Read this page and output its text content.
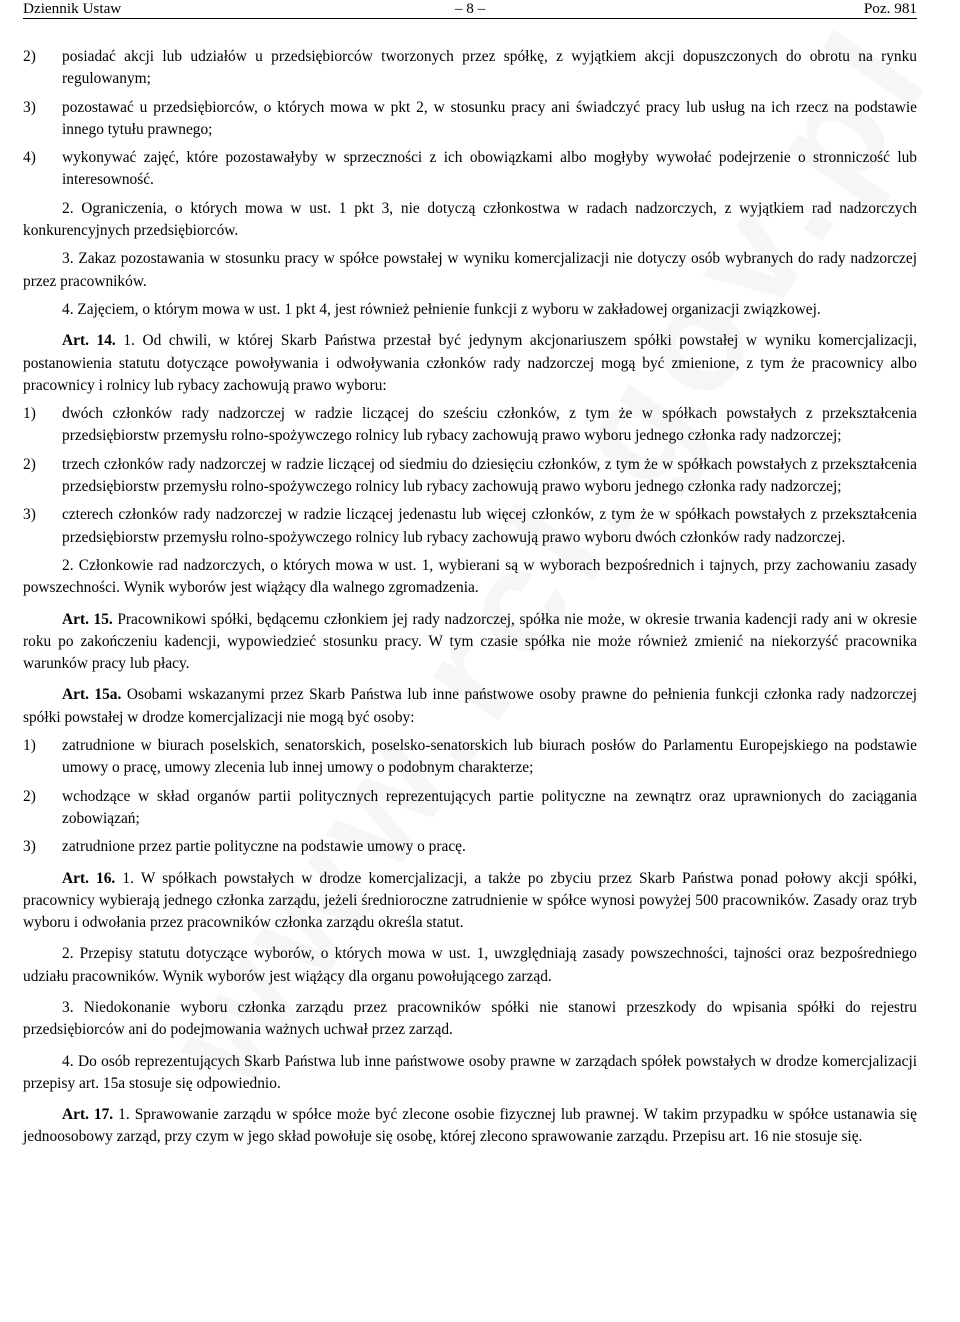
Dziennik Ustaw	– 8 –	Poz. 981
2)	posiadać akcji lub udziałów u przedsiębiorców tworzonych przez spółkę, z wyjątkiem akcji dopuszczonych do obrotu na rynku regulowanym;
3)	pozostawać u przedsiębiorców, o których mowa w pkt 2, w stosunku pracy ani świadczyć pracy lub usług na ich rzecz na podstawie innego tytułu prawnego;
4)	wykonywać zajęć, które pozostawałyby w sprzeczności z ich obowiązkami albo mogłyby wywołać podejrzenie o stronniczość lub interesowność.

2. Ograniczenia, o których mowa w ust. 1 pkt 3, nie dotyczą członkostwa w radach nadzorczych, z wyjątkiem rad nadzorczych konkurencyjnych przedsiębiorców.

3. Zakaz pozostawania w stosunku pracy w spółce powstałej w wyniku komercjalizacji nie dotyczy osób wybranych do rady nadzorczej przez pracowników.

4. Zajęciem, o którym mowa w ust. 1 pkt 4, jest również pełnienie funkcji z wyboru w zakładowej organizacji związkowej.

Art. 14. 1. Od chwili, w której Skarb Państwa przestał być jedynym akcjonariuszem spółki powstałej w wyniku komercjalizacji, postanowienia statutu dotyczące powoływania i odwoływania członków rady nadzorczej mogą być zmienione, z tym że pracownicy albo pracownicy i rolnicy lub rybacy zachowują prawo wyboru:

1)	dwóch członków rady nadzorczej w radzie liczącej do sześciu członków, z tym że w spółkach powstałych z przekształcenia przedsiębiorstw przemysłu rolno-spożywczego rolnicy lub rybacy zachowują prawo wyboru jednego członka rady nadzorczej;
2)	trzech członków rady nadzorczej w radzie liczącej od siedmiu do dziesięciu członków, z tym że w spółkach powstałych z przekształcenia przedsiębiorstw przemysłu rolno-spożywczego rolnicy lub rybacy zachowują prawo wyboru jednego członka rady nadzorczej;
3)	czterech członków rady nadzorczej w radzie liczącej jedenastu lub więcej członków, z tym że w spółkach powstałych z przekształcenia przedsiębiorstw przemysłu rolno-spożywczego rolnicy lub rybacy zachowują prawo wyboru dwóch członków rady nadzorczej.

2. Członkowie rad nadzorczych, o których mowa w ust. 1, wybierani są w wyborach bezpośrednich i tajnych, przy zachowaniu zasady powszechności. Wynik wyborów jest wiążący dla walnego zgromadzenia.

Art. 15. Pracownikowi spółki, będącemu członkiem jej rady nadzorczej, spółka nie może, w okresie trwania kadencji rady ani w okresie roku po zakończeniu kadencji, wypowiedzieć stosunku pracy. W tym czasie spółka nie może również zmienić na niekorzyść pracownika warunków pracy lub płacy.

Art. 15a. Osobami wskazanymi przez Skarb Państwa lub inne państwowe osoby prawne do pełnienia funkcji członka rady nadzorczej spółki powstałej w drodze komercjalizacji nie mogą być osoby:

1)	zatrudnione w biurach poselskich, senatorskich, poselsko-senatorskich lub biurach posłów do Parlamentu Europejskiego na podstawie umowy o pracę, umowy zlecenia lub innej umowy o podobnym charakterze;
2)	wchodzące w skład organów partii politycznych reprezentujących partie polityczne na zewnątrz oraz uprawnionych do zaciągania zobowiązań;
3)	zatrudnione przez partie polityczne na podstawie umowy o pracę.

Art. 16. 1. W spółkach powstałych w drodze komercjalizacji, a także po zbyciu przez Skarb Państwa ponad połowy akcji spółki, pracownicy wybierają jednego członka zarządu, jeżeli średnioroczne zatrudnienie w spółce wynosi powyżej 500 pracowników. Zasady oraz tryb wyboru i odwołania przez pracowników członka zarządu określa statut.

2. Przepisy statutu dotyczące wyborów, o których mowa w ust. 1, uwzględniają zasady powszechności, tajności oraz bezpośredniego udziału pracowników. Wynik wyborów jest wiążący dla organu powołującego zarząd.

3. Niedokonanie wyboru członka zarządu przez pracowników spółki nie stanowi przeszkody do wpisania spółki do rejestru przedsiębiorców ani do podejmowania ważnych uchwał przez zarząd.

4. Do osób reprezentujących Skarb Państwa lub inne państwowe osoby prawne w zarządach spółek powstałych w drodze komercjalizacji przepisy art. 15a stosuje się odpowiednio.

Art. 17. 1. Sprawowanie zarządu w spółce może być zlecone osobie fizycznej lub prawnej. W takim przypadku w spółce ustanawia się jednoosobowy zarząd, przy czym w jego skład powołuje się osobę, której zlecono sprawowanie zarządu. Przepisu art. 16 nie stosuje się.
